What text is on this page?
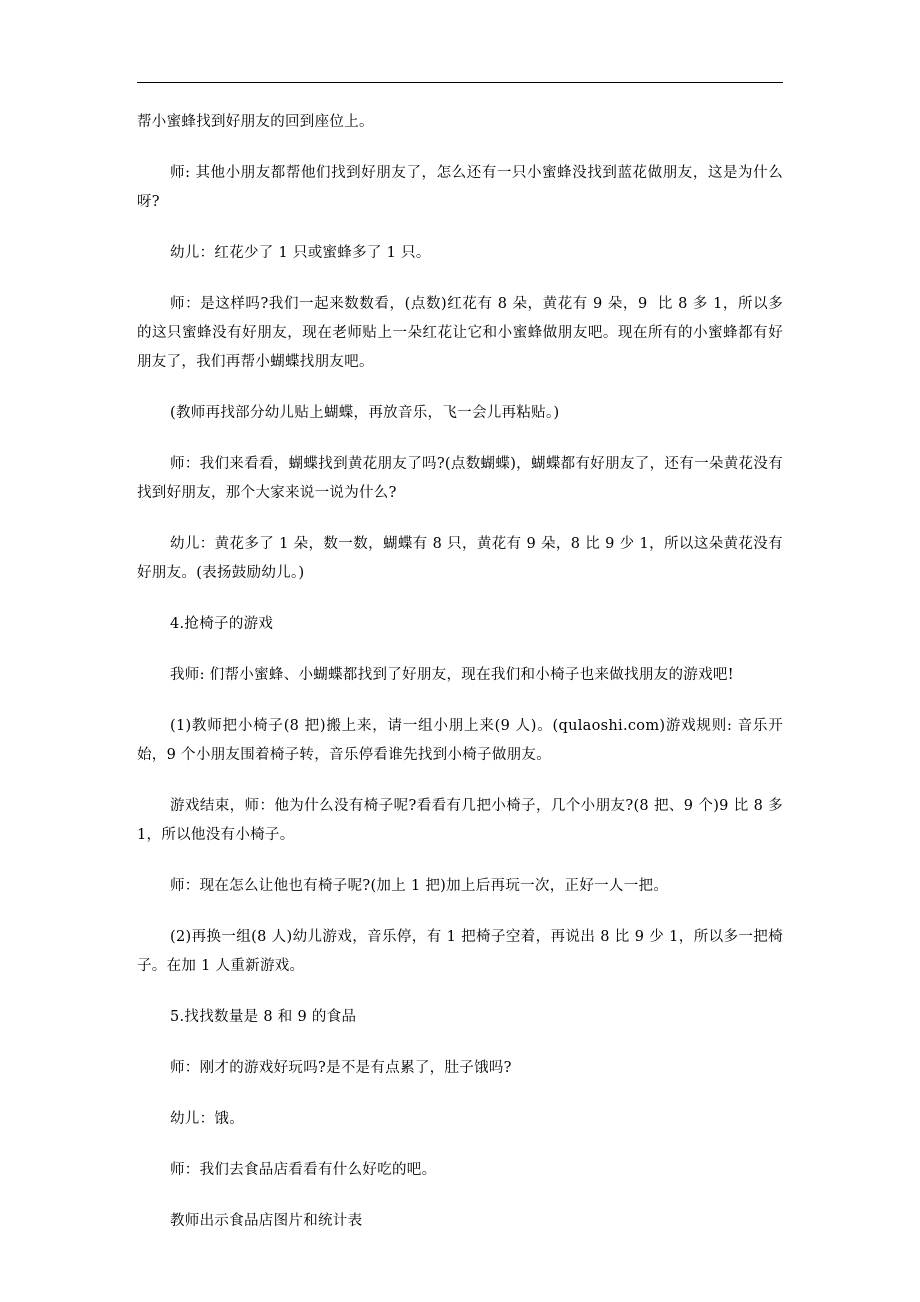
帮小蜜蜂找到好朋友的回到座位上。

师: 其他小朋友都帮他们找到好朋友了，怎么还有一只小蜜蜂没找到蓝花做朋友，这是为什么呀?

幼儿：红花少了 1 只或蜜蜂多了 1 只。

师：是这样吗?我们一起来数数看，(点数)红花有 8 朵，黄花有 9 朵，9  比 8 多 1，所以多的这只蜜蜂没有好朋友，现在老师贴上一朵红花让它和小蜜蜂做朋友吧。现在所有的小蜜蜂都有好朋友了，我们再帮小蝴蝶找朋友吧。

(教师再找部分幼儿贴上蝴蝶，再放音乐，飞一会儿再粘贴。)

师：我们来看看，蝴蝶找到黄花朋友了吗?(点数蝴蝶)，蝴蝶都有好朋友了，还有一朵黄花没有找到好朋友，那个大家来说一说为什么?

幼儿：黄花多了 1 朵，数一数，蝴蝶有 8 只，黄花有 9 朵，8 比 9 少 1，所以这朵黄花没有好朋友。(表扬鼓励幼儿。)

4.抢椅子的游戏

我师: 们帮小蜜蜂、小蝴蝶都找到了好朋友，现在我们和小椅子也来做找朋友的游戏吧!

(1)教师把小椅子(8 把)搬上来，请一组小朋上来(9 人)。(qulaoshi.com)游戏规则: 音乐开始，9 个小朋友围着椅子转，音乐停看谁先找到小椅子做朋友。

游戏结束，师：他为什么没有椅子呢?看看有几把小椅子，几个小朋友?(8 把、9 个)9 比 8 多 1，所以他没有小椅子。

师：现在怎么让他也有椅子呢?(加上 1 把)加上后再玩一次，正好一人一把。

(2)再换一组(8 人)幼儿游戏，音乐停，有 1 把椅子空着，再说出 8 比 9 少 1，所以多一把椅子。在加 1 人重新游戏。

5.找找数量是 8 和 9 的食品

师：刚才的游戏好玩吗?是不是有点累了，肚子饿吗?

幼儿：饿。

师：我们去食品店看看有什么好吃的吧。

教师出示食品店图片和统计表
